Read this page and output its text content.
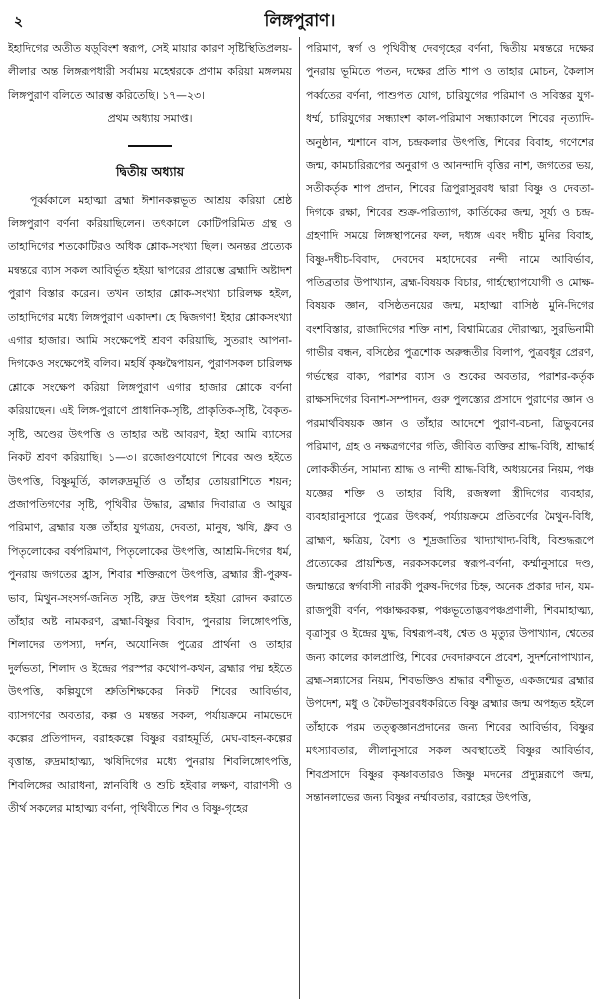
২	লিঙ্গপুরাণ।

ইহাদিগের অতীত ষড়্‌বিংশ স্বরূপ, সেই মায়ার কারণ সৃষ্টিস্থিতিপ্রলয়-লীলার অন্ত লিঙ্গরূপধারী সর্বাময় মহেশ্বরকে প্রণাম করিয়া মঙ্গলময় লিঙ্গপুরাণ বলিতে আরম্ভ করিতেছি। ১৭—২৩।

প্রথম অধ্যায় সমাপ্ত।

দ্বিতীয় অধ্যায়

পূর্ব্বকালে মহাত্মা ব্রহ্মা ঈশানকল্পভূত আশ্রয় করিয়া শ্রেষ্ঠ লিঙ্গপুরাণ বর্ণনা করিয়াছিলেন। তৎকালে কোটিপরিমিত গ্রন্থ ও তাহাদিগের শতকোটিরও অধিক শ্লোক-সংখ্যা ছিল। অনন্তর প্রত্যেক মন্বন্তরে ব্যাস সকল আবির্ভূত হইয়া দ্বাপরের প্রারম্ভে ব্রহ্মাদি অষ্টাদশ পুরাণ বিস্তার করেন। তখন তাহার শ্লোক-সংখ্যা চারিলক্ষ হইল, তাহাদিগের মধ্যে লিঙ্গপুরাণ একাদশ। হে দ্বিজগণ! ইহার শ্লোকসংখ্যা এগার হাজার। আমি সংক্ষেপেই শ্রবণ করিয়াছি, সুতরাং আপনা-দিগকেও সংক্ষেপেই বলিব। মহর্ষি কৃষ্ণদ্বৈপায়ন, পুরাণসকল চারিলক্ষ শ্লোকে সংক্ষেপ করিয়া লিঙ্গপুরাণ এগার হাজার শ্লোকে বর্ণনা করিয়াছেন। এই লিঙ্গ-পুরাণে প্রাধানিক-সৃষ্টি, প্রাকৃতিক-সৃষ্টি, বৈকৃত-সৃষ্টি, অণ্ডের উৎপত্তি ও তাহার অষ্ট আবরণ, ইহা আমি ব্যাসের নিকট শ্রবণ করিয়াছি। ১—৩। রজোগুণযোগে শিবের অণ্ড হইতে উৎপত্তি, বিষ্ণুমূর্তি, কালরুদ্রমূর্তি ও তাঁহার তোয়রাশিতে শয়ন; প্রজাপতিগণের সৃষ্টি, পৃথিবীর উদ্ধার, ব্রহ্মার দিবারাত্র ও আয়ুর পরিমাণ, ব্রহ্মার যজ্ঞ তাঁহার যুগত্রয়, দেবতা, মানুষ, ঋষি, ধ্রুব ও পিতৃলোকের বর্ষপরিমাণ, পিতৃলোকের উৎপত্তি, আশ্রমি-দিগের ধর্ম, পুনরায় জগতের হ্রাস, শিবার শক্তিরূপে উৎপত্তি, ব্রহ্মার স্ত্রী-পুরুষ-ভাব, মিথুন-সংসর্গ-জনিত সৃষ্টি, রুদ্র উৎপন্ন হইয়া রোদন করাতে তাঁহার অষ্ট নামকরণ, ব্রহ্মা-বিষ্ণুর বিবাদ, পুনরায় লিঙ্গোৎপত্তি, শিলাদের তপস্যা, দর্শন, অযোনিজ পুত্রের প্রার্থনা ও তাহার দুর্লভতা, শিলাদ ও ইন্দ্রের পরস্পর কথোপ-কথন, ব্রহ্মার পদ্ম হইতে উৎপত্তি, কল্পিযুগে শ্রুতিশিক্ষকের নিকট শিবের আবির্ভাব, ব্যাসগণের অবতার, কল্প ও মন্বন্তর সকল, পর্যায়ক্রমে নামভেদে কল্পের প্রতিপাদন, বরাহকল্পে বিষ্ণুর বরাহমূর্তি, মেঘ-বাহন-কল্পের বৃত্তান্ত, রুদ্রমাহাত্ম্য, ঋষিদিগের মধ্যে পুনরায় শিবলিঙ্গোৎপত্তি, শিবলিঙ্গের আরাধনা, স্নানবিধি ও শুচি হইবার লক্ষণ, বারাণসী ও তীর্থ সকলের মাহাত্ম্য বর্ণনা, পৃথিবীতে শিব ও বিষ্ণু-গৃহের

পরিমাণ, স্বর্গ ও পৃথিবীস্থ দেবগৃহের বর্ণনা, দ্বিতীয় মন্বন্তরে দক্ষের পুনরায় ভূমিতে পতন, দক্ষের প্রতি শাপ ও তাহার মোচন, কৈলাস পর্ব্বতের বর্ণনা, পাশুপত যোগ, চারিযুগের পরিমাণ ও সবিস্তর যুগ-ধর্ম্ম, চারিযুগের সন্ধ্যাংশ কাল-পরিমাণ সন্ধ্যাকালে শিবের নৃত্যাদি-অনুষ্ঠান, শ্মশানে বাস, চন্দ্রকলার উৎপত্তি, শিবের বিবাহ, গণেশের জন্ম, কামচারিরূপের অনুরাগ ও আনন্দাদি বৃত্তির নাশ, জগতের ভয়, সতীকর্তৃক শাপ প্রদান, শিবের ত্রিপুরাসুরবধ দ্বারা বিষ্ণু ও দেবতা-দিগকে রক্ষা, শিবের শুক্র-পরিত্যাগ, কার্তিকের জন্ম, সূর্য্য ও চন্দ্র-গ্রহণাদি সময়ে লিঙ্গস্থাপনের ফল, দধ্যঙ্গ এবং দধীচ মুনির বিবাহ, বিষ্ণু-দধীচ-বিবাদ, দেবদেব মহাদেবের নন্দী নামে আবির্ভাব, পতিব্রতার উপাখ্যান, ব্রহ্ম-বিষয়ক বিচার, গার্হস্থ্যোপযোগী ও মোক্ষ-বিষয়ক জ্ঞান, বসিষ্ঠতনয়ের জন্ম, মহাত্মা বাসিষ্ঠ মুনি-দিগের বংশবিস্তার, রাজাদিগের শক্তি নাশ, বিশ্বামিত্রের দৌরাত্ম্য, সুরভিনামী গাভীর বন্ধন, বসিষ্ঠের পুত্রশোক অরুন্ধতীর বিলাপ, পুত্রবধূর প্রেরণ, গর্ভস্থের বাক্য, পরাশর ব্যাস ও শুকের অবতার, পরাশর-কর্তৃক রাক্ষসদিগের বিনাশ-সম্পাদন, গুরু পুলস্ত্যের প্রসাদে পুরাণের জ্ঞান ও পরমার্থবিষয়ক জ্ঞান ও তাঁহার আদেশে পুরাণ-বচনা, ত্রিভুবনের পরিমাণ, গ্রহ ও নক্ষত্রগণের গতি, জীবিত ব্যক্তির শ্রাদ্ধ-বিধি, শ্রাদ্ধার্হ লোককীর্তন, সামান্য শ্রাদ্ধ ও নান্দী শ্রাদ্ধ-বিধি, অধ্যয়নের নিয়ম, পঞ্চ যজ্ঞের শক্তি ও তাহার বিধি, রজস্বলা স্ত্রীদিগের ব্যবহার, ব্যবহারানুসারে পুত্রের উৎকর্ষ, পর্য্যায়ক্রমে প্রতিবর্ণের মৈথুন-বিধি, ব্রাহ্মণ, ক্ষত্রিয়, বৈশ্য ও শূদ্রজাতির খাদ্যাখাদ্য-বিধি, বিশুদ্ধরূপে প্রত্যেকের প্রায়শ্চিত্ত, নরকসকলের স্বরূপ-বর্ণনা, কর্ম্মানুসারে দণ্ড, জন্মান্তরে স্বর্গবাসী নারকী পুরুষ-দিগের চিহ্ন, অনেক প্রকার দান, যম-রাজপুরী বর্ণন, পঞ্চাক্ষরকল্প, পঞ্চভূতোদ্ভবপঞ্চপ্রণালী, শিবমাহাত্ম্য, বৃত্রাসুর ও ইন্দ্রের যুদ্ধ, বিশ্বরূপ-বধ, শ্বেত ও মৃত্যুর উপাখ্যান, শ্বেতের জন্য কালের কালপ্রাপ্তি, শিবের দেবদারুবনে প্রবেশ, সুদর্শনোপাখ্যান, ব্রহ্ম-সন্ন্যাসের নিয়ম, শিবভক্তিও শ্রদ্ধার বশীভূত, একজন্মের ব্রহ্মার উপদেশ, মধু ও কৈটভাসুরবধকরিতে বিষ্ণু ব্রহ্মার জন্ম অপহৃত হইলে তাঁহাকে পরম তত্ত্বজ্ঞানপ্রদানের জন্য শিবের আবির্ভাব, বিষ্ণুর মৎস্যাবতার, লীলানুসারে সকল অবস্থাতেই বিষ্ণুর আবির্ভাব, শিবপ্রসাদে বিষ্ণুর কৃষ্ণাবতারও জিষ্ণু মদনের প্রদ্যুম্নরূপে জন্ম, সন্তানলাভের জন্য বিষ্ণুর নর্ম্মাবতার, বরাহের উৎপত্তি,
